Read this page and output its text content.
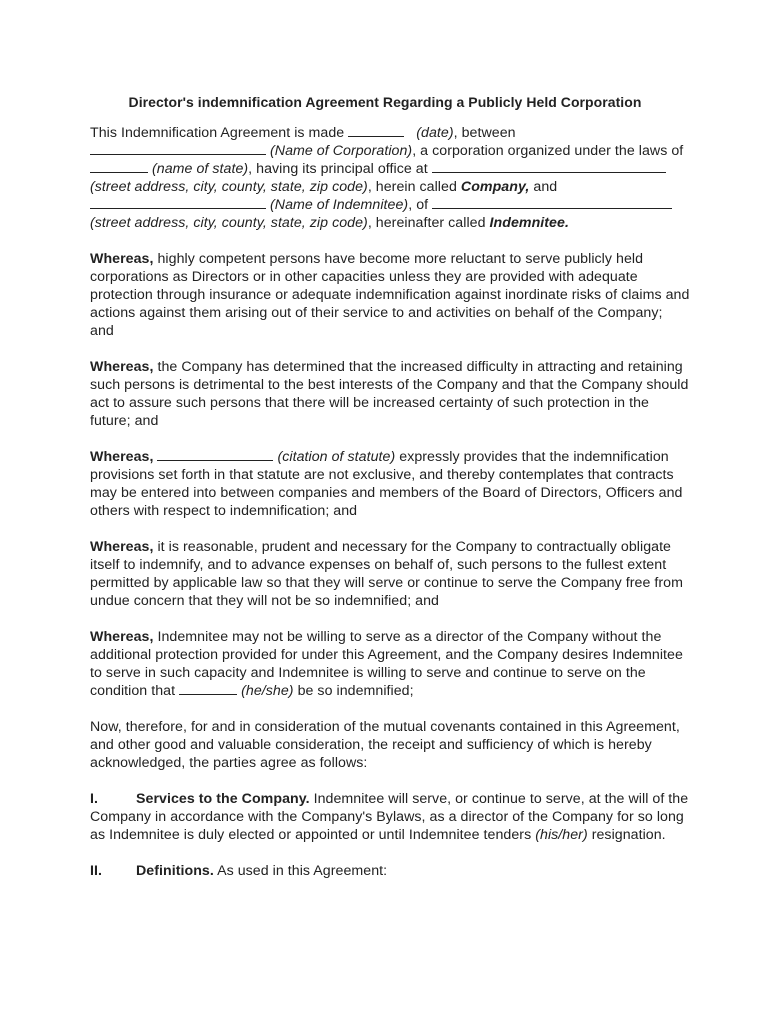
Director's indemnification Agreement Regarding a Publicly Held Corporation

This Indemnification Agreement is made	(date), between  (Name of Corporation), a corporation organized under the laws of  (name of state), having its principal office at  (street address, city, county, state, zip code), herein called Company, and  (Name of Indemnitee), of  (street address, city, county, state, zip code), hereinafter called Indemnitee.

Whereas, highly competent persons have become more reluctant to serve publicly held corporations as Directors or in other capacities unless they are provided with adequate protection through insurance or adequate indemnification against inordinate risks of claims and actions against them arising out of their service to and activities on behalf of the Company; and

Whereas, the Company has determined that the increased difficulty in attracting and retaining such persons is detrimental to the best interests of the Company and that the Company should act to assure such persons that there will be increased certainty of such protection in the future; and

Whereas,	(citation of statute) expressly provides that the indemnification provisions set forth in that statute are not exclusive, and thereby contemplates that contracts may be entered into between companies and members of the Board of Directors, Officers and others with respect to indemnification; and

Whereas, it is reasonable, prudent and necessary for the Company to contractually obligate itself to indemnify, and to advance expenses on behalf of, such persons to the fullest extent permitted by applicable law so that they will serve or continue to serve the Company free from undue concern that they will not be so indemnified; and

Whereas, Indemnitee may not be willing to serve as a director of the Company without the additional protection provided for under this Agreement, and the Company desires Indemnitee to serve in such capacity and Indemnitee is willing to serve and continue to serve on the condition that	(he/she) be so indemnified;

Now, therefore, for and in consideration of the mutual covenants contained in this Agreement, and other good and valuable consideration, the receipt and sufficiency of which is hereby acknowledged, the parties agree as follows:

I.	Services to the Company. Indemnitee will serve, or continue to serve, at the will of the Company in accordance with the Company's Bylaws, as a director of the Company for so long as Indemnitee is duly elected or appointed or until Indemnitee tenders (his/her) resignation.

II. Definitions. As used in this Agreement:
